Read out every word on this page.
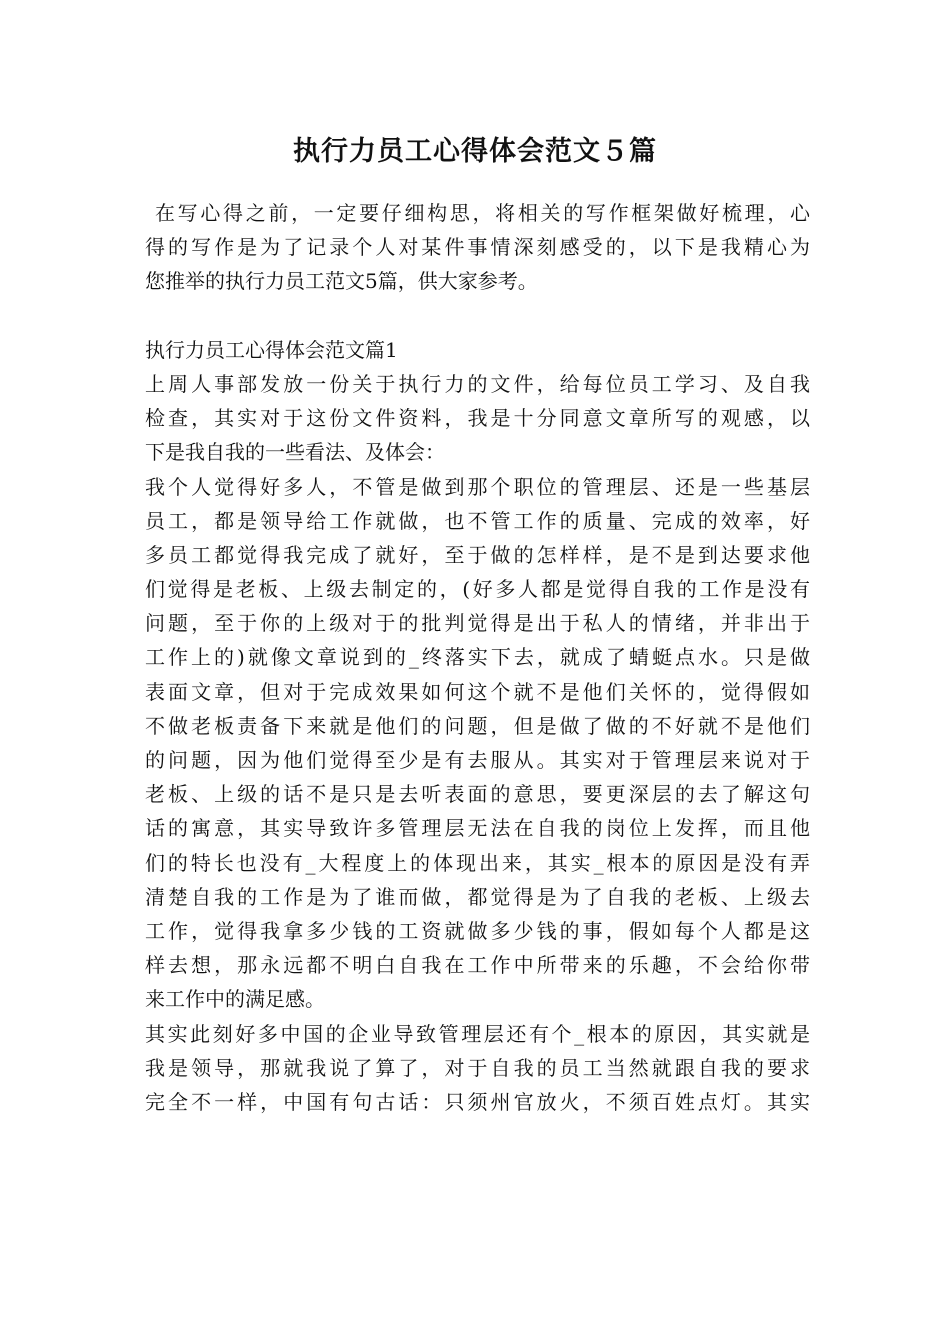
执行力员工心得体会范文５篇
在写心得之前，一定要仔细构思，将相关的写作框架做好梳理，心
得的写作是为了记录个人对某件事情深刻感受的，以下是我精心为
您推举的执行力员工范文5篇，供大家参考。
执行力员工心得体会范文篇1
上周人事部发放一份关于执行力的文件，给每位员工学习、及自我
检查，其实对于这份文件资料，我是十分同意文章所写的观感，以
下是我自我的一些看法、及体会：
我个人觉得好多人，不管是做到那个职位的管理层、还是一些基层
员工，都是领导给工作就做，也不管工作的质量、完成的效率，好
多员工都觉得我完成了就好，至于做的怎样样，是不是到达要求他
们觉得是老板、上级去制定的，(好多人都是觉得自我的工作是没有
问题，至于你的上级对于的批判觉得是出于私人的情绪，并非出于
工作上的)就像文章说到的_终落实下去，就成了蜻蜓点水。只是做
表面文章，但对于完成效果如何这个就不是他们关怀的，觉得假如
不做老板责备下来就是他们的问题，但是做了做的不好就不是他们
的问题，因为他们觉得至少是有去服从。其实对于管理层来说对于
老板、上级的话不是只是去听表面的意思，要更深层的去了解这句
话的寓意，其实导致许多管理层无法在自我的岗位上发挥，而且他
们的特长也没有_大程度上的体现出来，其实_根本的原因是没有弄
清楚自我的工作是为了谁而做，都觉得是为了自我的老板、上级去
工作，觉得我拿多少钱的工资就做多少钱的事，假如每个人都是这
样去想，那永远都不明白自我在工作中所带来的乐趣，不会给你带
来工作中的满足感。
其实此刻好多中国的企业导致管理层还有个_根本的原因，其实就是
我是领导，那就我说了算了，对于自我的员工当然就跟自我的要求
完全不一样，中国有句古话：只须州官放火，不须百姓点灯。其实
